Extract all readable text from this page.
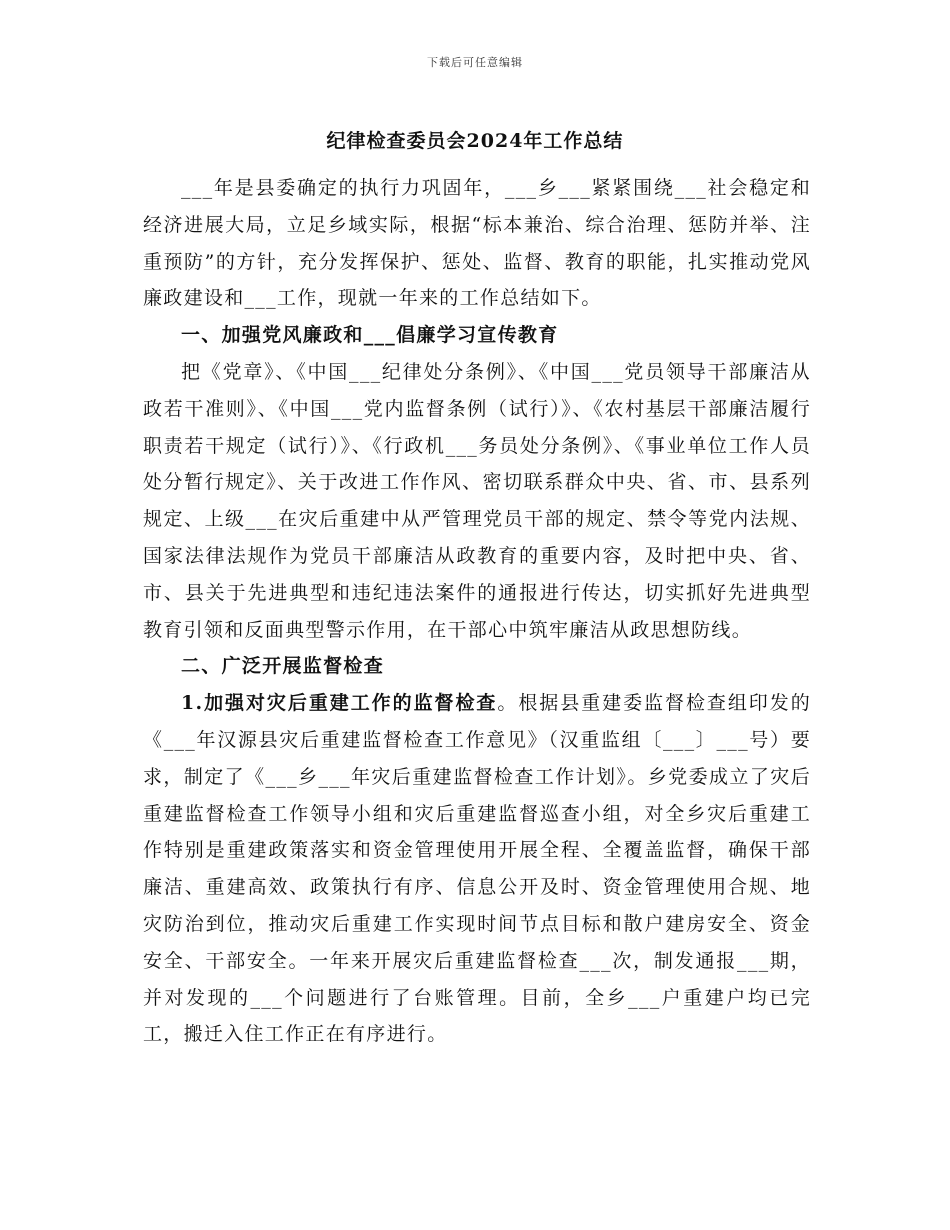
下载后可任意编辑
纪律检查委员会2024年工作总结

___年是县委确定的执行力巩固年，___乡___紧紧围绕___社会稳定和经济进展大局，立足乡域实际，根据“标本兼治、综合治理、惩防并举、注重预防”的方针，充分发挥保护、惩处、监督、教育的职能，扎实推动党风廉政建设和___工作，现就一年来的工作总结如下。

一、加强党风廉政和___倡廉学习宣传教育

把《党章》、《中国___纪律处分条例》、《中国___党员领导干部廉洁从政若干准则》、《中国___党内监督条例（试行）》、《农村基层干部廉洁履行职责若干规定（试行）》、《行政机___务员处分条例》、《事业单位工作人员处分暂行规定》、关于改进工作作风、密切联系群众中央、省、市、县系列规定、上级___在灾后重建中从严管理党员干部的规定、禁令等党内法规、国家法律法规作为党员干部廉洁从政教育的重要内容，及时把中央、省、市、县关于先进典型和违纪违法案件的通报进行传达，切实抓好先进典型教育引领和反面典型警示作用，在干部心中筑牢廉洁从政思想防线。

二、广泛开展监督检查

1.加强对灾后重建工作的监督检查。根据县重建委监督检查组印发的《___年汉源县灾后重建监督检查工作意见》（汉重监组〔___〕___号）要求，制定了《___乡___年灾后重建监督检查工作计划》。乡党委成立了灾后重建监督检查工作领导小组和灾后重建监督巡查小组，对全乡灾后重建工作特别是重建政策落实和资金管理使用开展全程、全覆盖监督，确保干部廉洁、重建高效、政策执行有序、信息公开及时、资金管理使用合规、地灾防治到位，推动灾后重建工作实现时间节点目标和散户建房安全、资金安全、干部安全。一年来开展灾后重建监督检查___次，制发通报___期，并对发现的___个问题进行了台账管理。目前，全乡___户重建户均已完工，搬迁入住工作正在有序进行。
